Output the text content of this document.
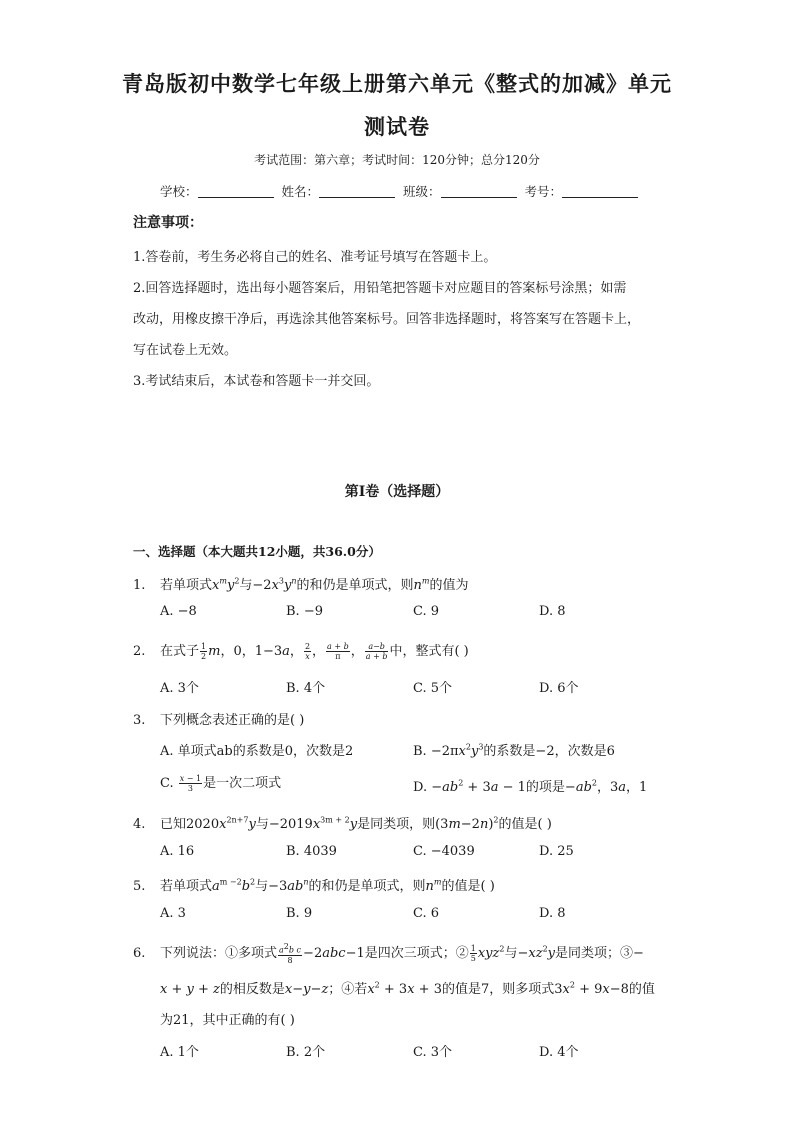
青岛版初中数学七年级上册第六单元《整式的加减》单元
测试卷
考试范围：第六章；考试时间：120分钟；总分120分
学校：	姓名：	班级：	考号：
注意事项：
1.答卷前，考生务必将自己的姓名、准考证号填写在答题卡上。
2.回答选择题时，选出每小题答案后，用铅笔把答题卡对应题目的答案标号涂黑；如需
改动，用橡皮擦干净后，再选涂其他答案标号。回答非选择题时，将答案写在答题卡上，
写在试卷上无效。
3.考试结束后，本试卷和答题卡一并交回。
第Ⅰ卷（选择题）
一、选择题（本大题共12小题，共36.0分）
1. 若单项式$x^my^2$与$-2x^3y^n$的和仍是单项式，则$n^m$的值为
A. −8	B. −9	C. 9	D. 8
2. 在式子 $\frac{1}{2}$ m，0，1−3a， $\frac{2}{x}$ ， $\frac{a + b}{\pi}$ ， $\frac{a-b}{a + b}$ 中，整式有( )
A. 3个	B. 4个	C. 5个	D. 6个
3. 下列概念表述正确的是( )
A. 单项式ab的系数是0，次数是2	B. $-2\pi x^2y^3$的系数是−2，次数是6
C. $\frac{x - 1}{3}$ 是一次二项式	D. $-ab^2 + 3a - 1$的项是$-ab^2$，3a，1
4. 已知$2020x^{2n+7}y$与$-2019x^{3m + 2}y$是同类项，则$(3m-2n)^2$的值是( )
A. 16	B. 4039	C. −4039	D. 25
5. 若单项式$a^{m -2}b^2$与$-3ab^n$的和仍是单项式，则$n^m$的值是( )
A. 3	B. 9	C. 6	D. 8
6. 下列说法：①多项式 $\frac{a^2b c}{8} -2abc-1$是四次三项式；② $\frac{1}{5} xyz^2$与$-xz^2y$是同类项；③−
x + y + z的相反数是x−y−z；④若$x^2 + 3x + 3$的值是7，则多项式$3x^2 + 9x-8$的值
为21，其中正确的有( )
A. 1个	B. 2个	C. 3个	D. 4个
